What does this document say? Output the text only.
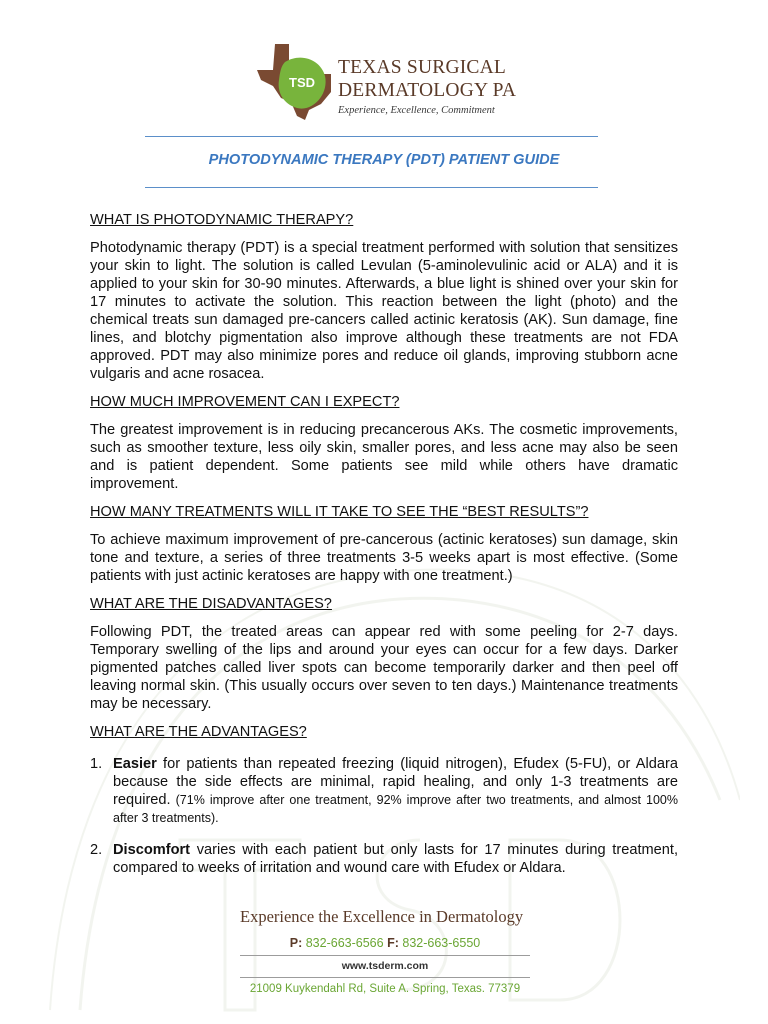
TSD
TEXAS SURGICAL
DERMATOLOGY PA
Experience, Excellence, Commitment
PHOTODYNAMIC THERAPY (PDT) PATIENT GUIDE
WHAT IS PHOTODYNAMIC THERAPY?

Photodynamic therapy (PDT) is a special treatment performed with solution that sensitizes your skin to light. The solution is called Levulan (5-aminolevulinic acid or ALA) and it is applied to your skin for 30-90 minutes. Afterwards, a blue light is shined over your skin for 17 minutes to activate the solution. This reaction between the light (photo) and the chemical treats sun damaged pre-cancers called actinic keratosis (AK). Sun damage, fine lines, and blotchy pigmentation also improve although these treatments are not FDA approved. PDT may also minimize pores and reduce oil glands, improving stubborn acne vulgaris and acne rosacea.

HOW MUCH IMPROVEMENT CAN I EXPECT?

The greatest improvement is in reducing precancerous AKs. The cosmetic improvements, such as smoother texture, less oily skin, smaller pores, and less acne may also be seen and is patient dependent. Some patients see mild while others have dramatic improvement.

HOW MANY TREATMENTS WILL IT TAKE TO SEE THE “BEST RESULTS”?

To achieve maximum improvement of pre-cancerous (actinic keratoses) sun damage, skin tone and texture, a series of three treatments 3-5 weeks apart is most effective. (Some patients with just actinic keratoses are happy with one treatment.)

WHAT ARE THE DISADVANTAGES?

Following PDT, the treated areas can appear red with some peeling for 2-7 days. Temporary swelling of the lips and around your eyes can occur for a few days. Darker pigmented patches called liver spots can become temporarily darker and then peel off leaving normal skin. (This usually occurs over seven to ten days.) Maintenance treatments may be necessary.

WHAT ARE THE ADVANTAGES?
1. Easier for patients than repeated freezing (liquid nitrogen), Efudex (5-FU), or Aldara because the side effects are minimal, rapid healing, and only 1-3 treatments are required. (71% improve after one treatment, 92% improve after two treatments, and almost 100% after 3 treatments).
2. Discomfort varies with each patient but only lasts for 17 minutes during treatment, compared to weeks of irritation and wound care with Efudex or Aldara.
Experience the Excellence in Dermatology
P: 832-663-6566 F: 832-663-6550
www.tsderm.com
21009 Kuykendahl Rd, Suite A. Spring, Texas. 77379
